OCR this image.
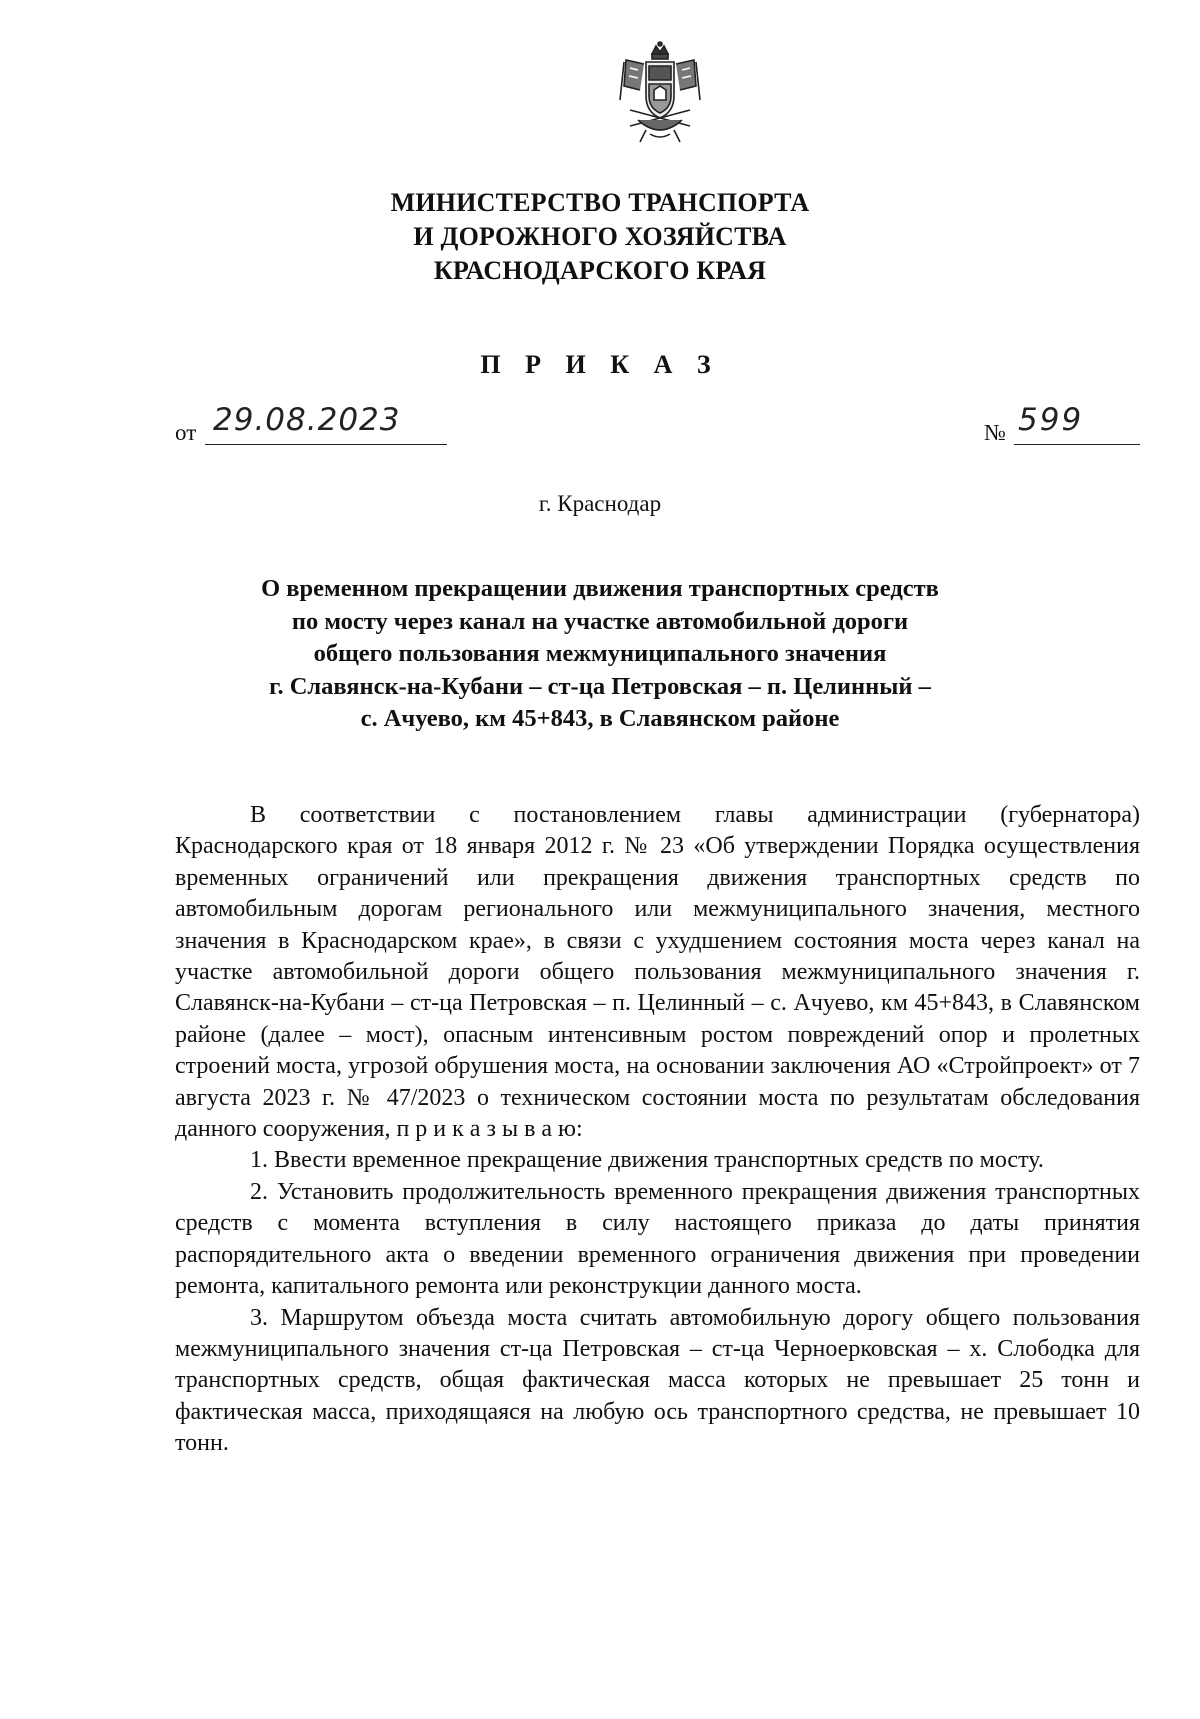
МИНИСТЕРСТВО ТРАНСПОРТА
И ДОРОЖНОГО ХОЗЯЙСТВА
КРАСНОДАРСКОГО КРАЯ
П Р И К А З
от 29.08.2023	№ 599
г. Краснодар
О временном прекращении движения транспортных средств
по мосту через канал на участке автомобильной дороги
общего пользования межмуниципального значения
г. Славянск-на-Кубани – ст-ца Петровская – п. Целинный –
с. Ачуево, км 45+843, в Славянском районе

В соответствии с постановлением главы администрации (губернатора) Краснодарского края от 18 января 2012 г. № 23 «Об утверждении Порядка осуществления временных ограничений или прекращения движения транспортных средств по автомобильным дорогам регионального или межмуниципального значения, местного значения в Краснодарском крае», в связи с ухудшением состояния моста через канал на участке автомобильной дороги общего пользования межмуниципального значения г. Славянск-на-Кубани – ст-ца Петровская – п. Целинный – с. Ачуево, км 45+843, в Славянском районе (далее – мост), опасным интенсивным ростом повреждений опор и пролетных строений моста, угрозой обрушения моста, на основании заключения АО «Стройпроект» от 7 августа 2023 г. № 47/2023 о техническом состоянии моста по результатам обследования данного сооружения, п р и к а з ы в а ю:

1. Ввести временное прекращение движения транспортных средств по мосту.

2. Установить продолжительность временного прекращения движения транспортных средств с момента вступления в силу настоящего приказа до даты принятия распорядительного акта о введении временного ограничения движения при проведении ремонта, капитального ремонта или реконструкции данного моста.

3. Маршрутом объезда моста считать автомобильную дорогу общего пользования межмуниципального значения ст-ца Петровская – ст-ца Черноерковская – х. Слободка для транспортных средств, общая фактическая масса которых не превышает 25 тонн и фактическая масса, приходящаяся на любую ось транспортного средства, не превышает 10 тонн.
